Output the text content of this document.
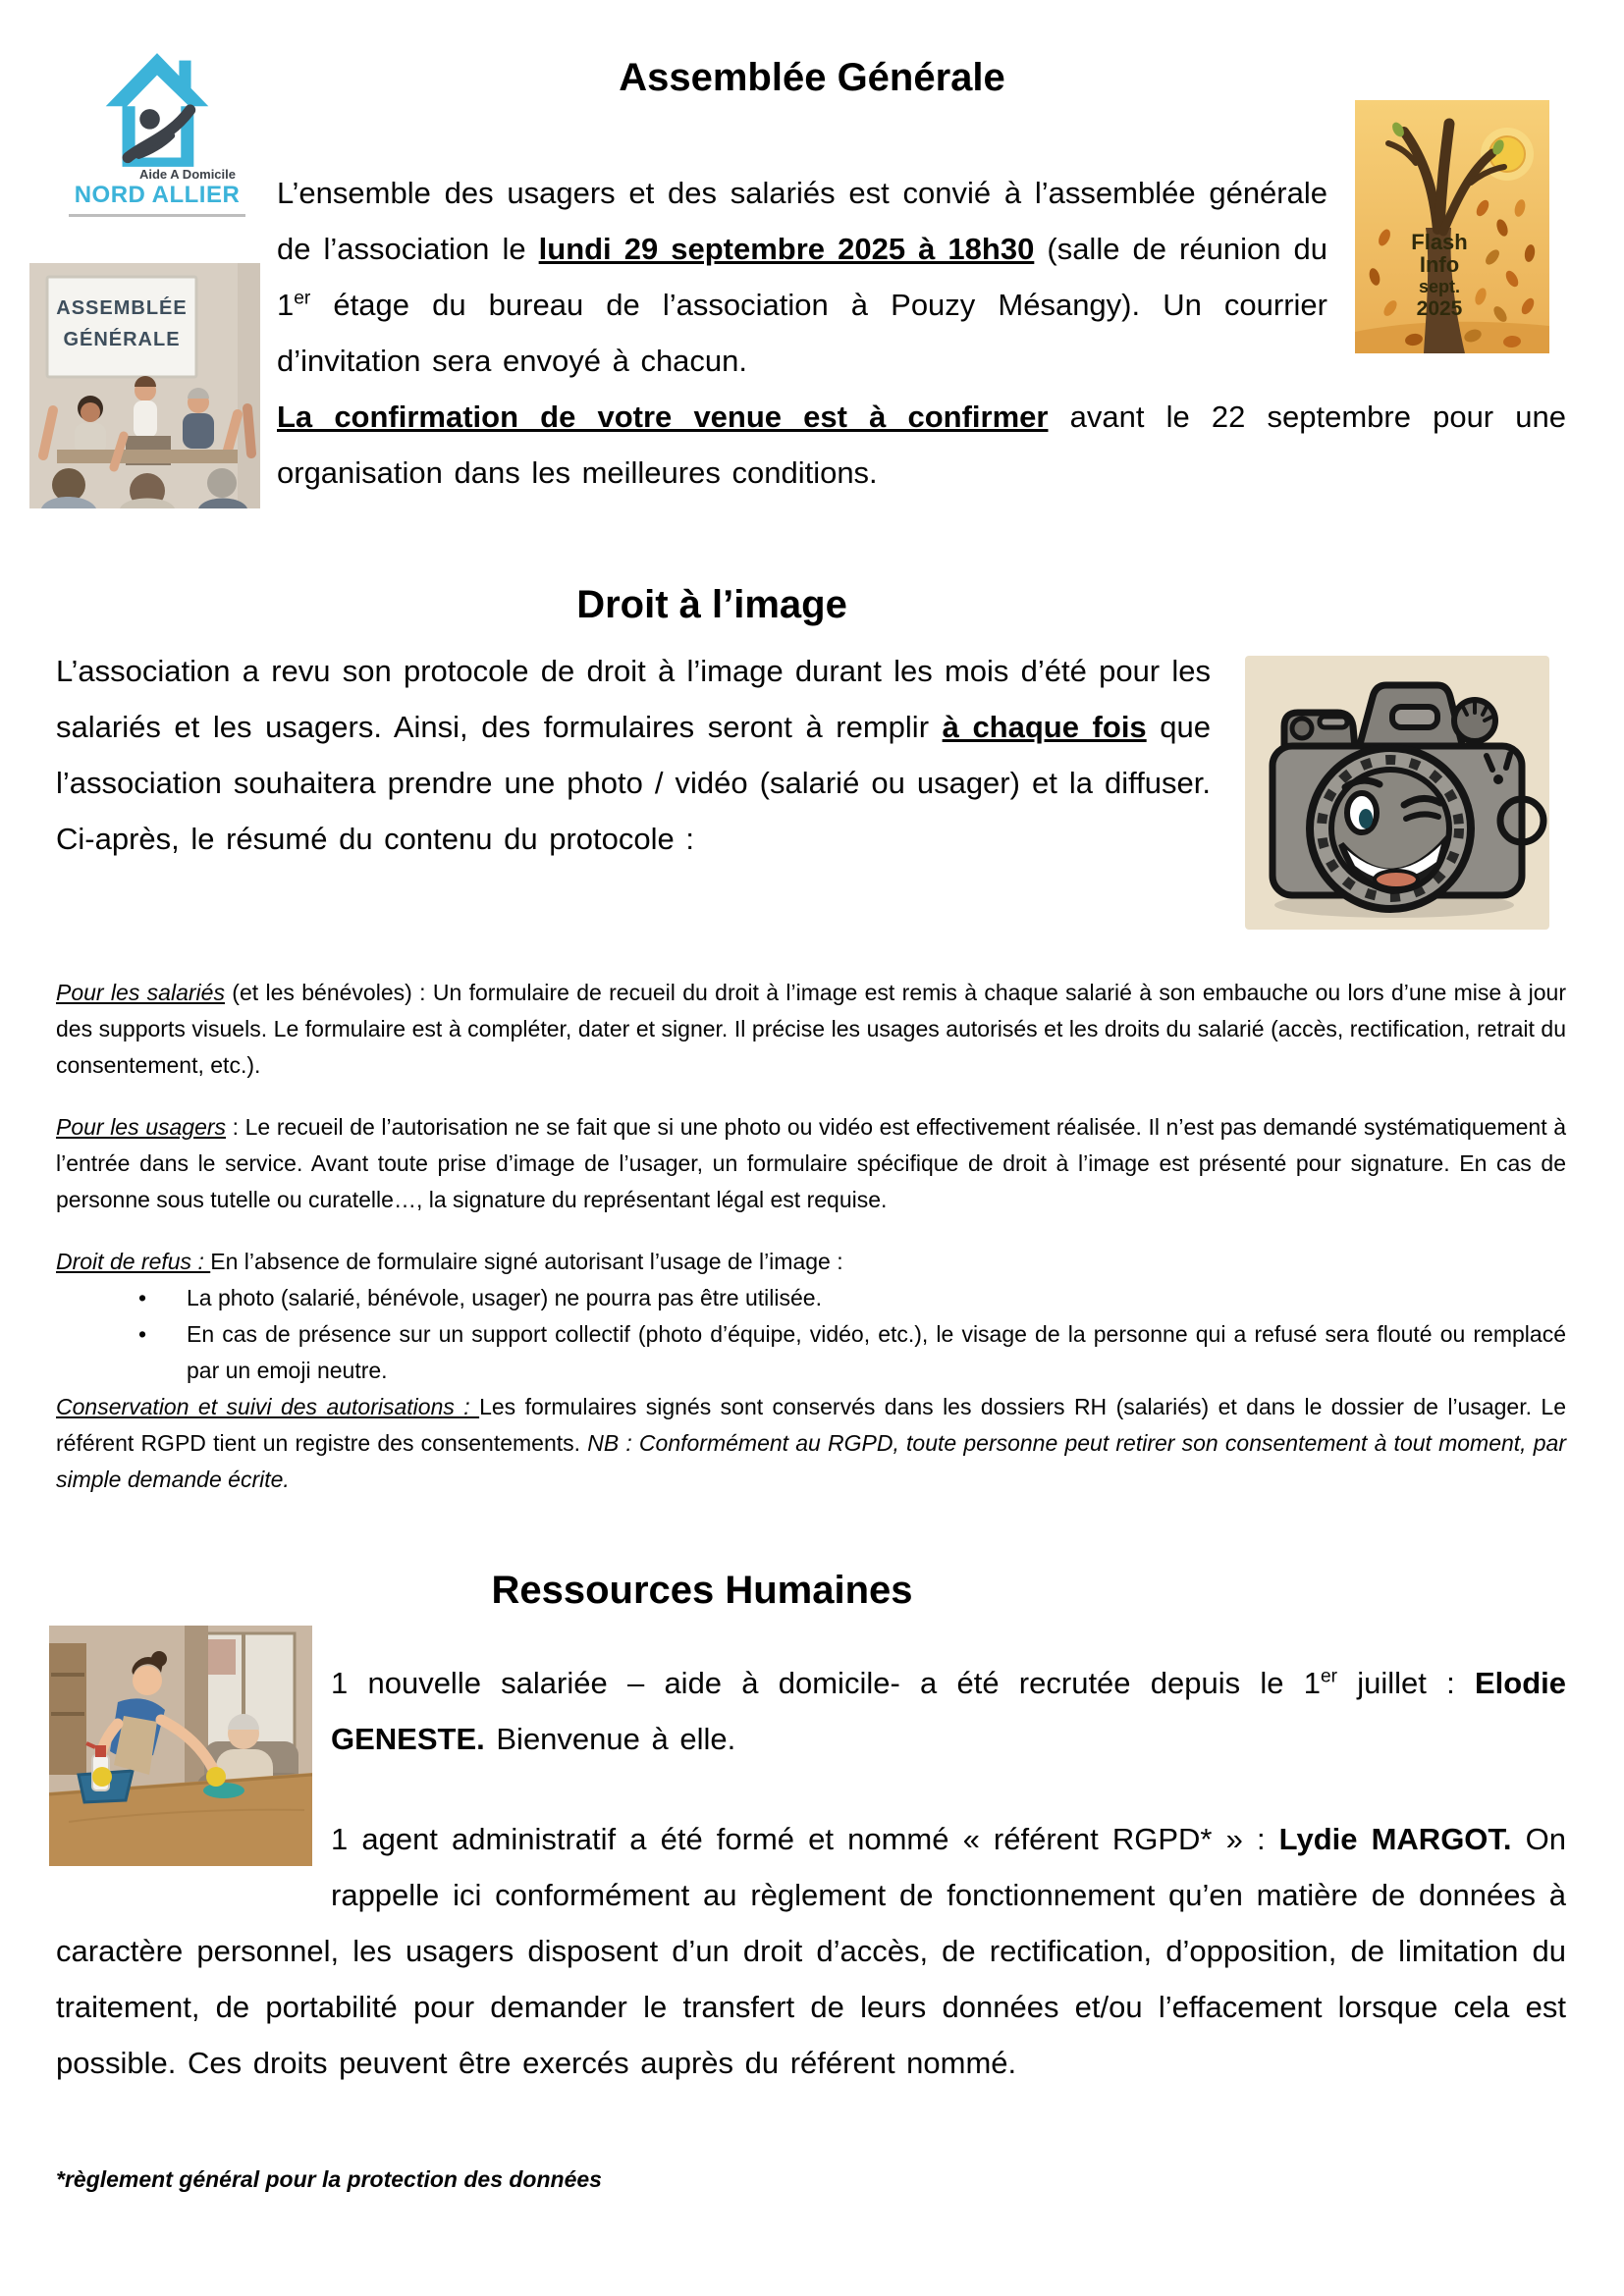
Aide A Domicile
NORD ALLIER
Assemblée Générale
Flash
Info
sept.
2025
ASSEMBLÉE
GÉNÉRALE
L’ensemble des usagers et des salariés est convié à l’assemblée générale de l’association le lundi 29 septembre 2025 à 18h30 (salle de réunion du 1er étage du bureau de l’association à Pouzy Mésangy). Un courrier d’invitation sera envoyé à chacun.
La confirmation de votre venue est à confirmer avant le 22 septembre pour une organisation dans les meilleures conditions.
Droit à l’image
L’association a revu son protocole de droit à l’image durant les mois d’été pour les salariés et les usagers. Ainsi, des formulaires seront à remplir à chaque fois que l’association souhaitera prendre une photo / vidéo (salarié ou usager) et la diffuser. Ci-après, le résumé du contenu du protocole :

Pour les salariés (et les bénévoles) : Un formulaire de recueil du droit à l’image est remis à chaque salarié à son embauche ou lors d’une mise à jour des supports visuels. Le formulaire est à compléter, dater et signer. Il précise les usages autorisés et les droits du salarié (accès, rectification, retrait du consentement, etc.).

Pour les usagers : Le recueil de l’autorisation ne se fait que si une photo ou vidéo est effectivement réalisée. Il n’est pas demandé systématiquement à l’entrée dans le service. Avant toute prise d’image de l’usager, un formulaire spécifique de droit à l’image est présenté pour signature. En cas de personne sous tutelle ou curatelle…, la signature du représentant légal est requise.

Droit de refus : En l’absence de formulaire signé autorisant l’usage de l’image :

• La photo (salarié, bénévole, usager) ne pourra pas être utilisée.
• En cas de présence sur un support collectif (photo d’équipe, vidéo, etc.), le visage de la personne qui a refusé sera flouté ou remplacé par un emoji neutre.

Conservation et suivi des autorisations : Les formulaires signés sont conservés dans les dossiers RH (salariés) et dans le dossier de l’usager. Le référent RGPD tient un registre des consentements. NB : Conformément au RGPD, toute personne peut retirer son consentement à tout moment, par simple demande écrite.

Ressources Humaines
1 nouvelle salariée – aide à domicile- a été recrutée depuis le 1er juillet : Elodie GENESTE. Bienvenue à elle.
1 agent administratif a été formé et nommé « référent RGPD* » : Lydie MARGOT. On rappelle ici conformément au règlement de fonctionnement qu’en matière de données à caractère personnel, les usagers disposent d’un droit d’accès, de rectification, d’opposition, de limitation du traitement, de portabilité pour demander le transfert de leurs données et/ou l’effacement lorsque cela est possible. Ces droits peuvent être exercés auprès du référent nommé.
*règlement général pour la protection des données
